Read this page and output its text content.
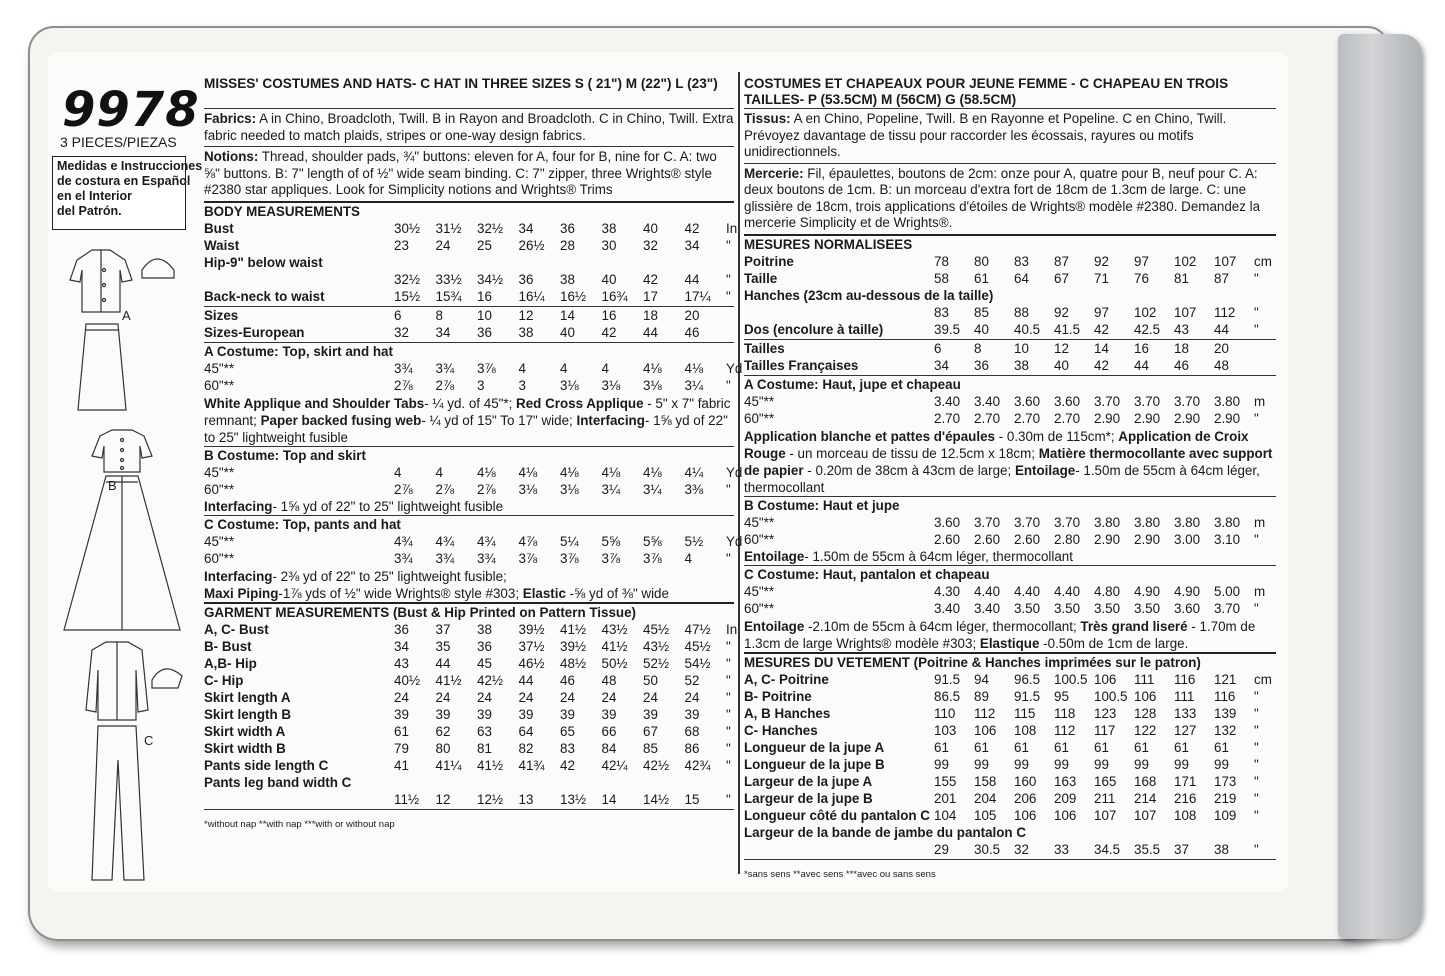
9978
3 PIECES/PIEZAS
Medidas e Instrucciones
de costura en Español
en el Interior
del Patrón.
A
B
C
MISSES' COSTUMES AND HATS- C HAT IN THREE SIZES S ( 21") M (22") L (23")
Fabrics: A in Chino, Broadcloth, Twill. B in Rayon and Broadcloth. C in Chino, Twill. Extra fabric needed to match plaids, stripes or one-way design fabrics.
Notions: Thread, shoulder pads, ¾" buttons: eleven for A, four for B, nine for C. A: two ⅝" buttons. B: 7" length of of ½" wide seam binding. C: 7" zipper, three Wrights® style #2380 star appliques. Look for Simplicity notions and Wrights® Trims
BODY MEASUREMENTS
Bust	30½	31½	32½	34	36	38	40	42	In
Waist	23	24	25	26½	28	30	32	34	"
Hip-9" below waist
32½	33½	34½	36	38	40	42	44	"
Back-neck to waist	15½	15¾	16	16¼	16½	16¾	17	17¼	"
Sizes	6	8	10	12	14	16	18	20
Sizes-European	32	34	36	38	40	42	44	46
A Costume: Top, skirt and hat
45"**	3¾	3¾	3⅞	4	4	4	4⅛	4⅛	Yd
60"**	2⅞	2⅞	3	3	3⅛	3⅛	3⅛	3¼	"
White Applique and Shoulder Tabs- ¼ yd. of 45"*; Red Cross Applique - 5" x 7" fabric remnant; Paper backed fusing web- ¼ yd of 15" To 17" wide; Interfacing- 1⅝ yd of 22" to 25" lightweight fusible
B Costume: Top and skirt
45"**	4	4	4⅛	4⅛	4⅛	4⅛	4⅛	4¼	Yd
60"**	2⅞	2⅞	2⅞	3⅛	3⅛	3¼	3¼	3⅜	"
Interfacing- 1⅝ yd of 22" to 25" lightweight fusible
C Costume: Top, pants and hat
45"**	4¾	4¾	4¾	4⅞	5¼	5⅝	5⅝	5½	Yd
60"**	3¾	3¾	3¾	3⅞	3⅞	3⅞	3⅞	4	"
Interfacing- 2⅜ yd of 22" to 25" lightweight fusible;
Maxi Piping-1⅞ yds of ½" wide Wrights® style #303; Elastic -⅝ yd of ⅜" wide
GARMENT MEASUREMENTS (Bust & Hip Printed on Pattern Tissue)
A, C- Bust	36	37	38	39½	41½	43½	45½	47½	In
B- Bust	34	35	36	37½	39½	41½	43½	45½	"
A,B- Hip	43	44	45	46½	48½	50½	52½	54½	"
C- Hip	40½	41½	42½	44	46	48	50	52	"
Skirt length A	24	24	24	24	24	24	24	24	"
Skirt length B	39	39	39	39	39	39	39	39	"
Skirt width A	61	62	63	64	65	66	67	68	"
Skirt width B	79	80	81	82	83	84	85	86	"
Pants side length C	41	41¼	41½	41¾	42	42¼	42½	42¾	"
Pants leg band width C
11½	12	12½	13	13½	14	14½	15	"
*without nap **with nap ***with or without nap
COSTUMES ET CHAPEAUX POUR JEUNE FEMME - C CHAPEAU EN TROIS TAILLES- P (53.5CM) M (56CM) G (58.5CM)
Tissus: A en Chino, Popeline, Twill. B en Rayonne et Popeline. C en Chino, Twill. Prévoyez davantage de tissu pour raccorder les écossais, rayures ou motifs unidirectionnels.
Mercerie: Fil, épaulettes, boutons de 2cm: onze pour A, quatre pour B, neuf pour C. A: deux boutons de 1cm. B: un morceau d'extra fort de 18cm de 1.3cm de large. C: une glissière de 18cm, trois applications d'étoiles de Wrights® modèle #2380. Demandez la mercerie Simplicity et de Wrights®.
MESURES NORMALISEES
Poitrine	78	80	83	87	92	97	102	107	cm
Taille	58	61	64	67	71	76	81	87	"
Hanches (23cm au-dessous de la taille)
83	85	88	92	97	102	107	112	"
Dos (encolure à taille)	39.5	40	40.5	41.5	42	42.5	43	44	"
Tailles	6	8	10	12	14	16	18	20
Tailles Françaises	34	36	38	40	42	44	46	48
A Costume: Haut, jupe et chapeau
45"**	3.40	3.40	3.60	3.60	3.70	3.70	3.70	3.80	m
60"**	2.70	2.70	2.70	2.70	2.90	2.90	2.90	2.90	"
Application blanche et pattes d'épaules - 0.30m de 115cm*; Application de Croix Rouge - un morceau de tissu de 12.5cm x 18cm; Matière thermocollante avec support de papier - 0.20m de 38cm à 43cm de large; Entoilage- 1.50m de 55cm à 64cm léger, thermocollant
B Costume: Haut et jupe
45"**	3.60	3.70	3.70	3.70	3.80	3.80	3.80	3.80	m
60"**	2.60	2.60	2.60	2.80	2.90	2.90	3.00	3.10	"
Entoilage- 1.50m de 55cm à 64cm léger, thermocollant
C Costume: Haut, pantalon et chapeau
45"**	4.30	4.40	4.40	4.40	4.80	4.90	4.90	5.00	m
60"**	3.40	3.40	3.50	3.50	3.50	3.50	3.60	3.70	"
Entoilage -2.10m de 55cm à 64cm léger, thermocollant; Très grand liseré - 1.70m de 1.3cm de large Wrights® modèle #303; Elastique -0.50m de 1cm de large.
MESURES DU VETEMENT (Poitrine & Hanches imprimées sur le patron)
A, C- Poitrine	91.5	94	96.5	100.5 106	111	116	121	cm
B- Poitrine	86.5	89	91.5	95	100.5 106	111	116	"
A, B Hanches	110	112	115	118	123	128	133	139	"
C- Hanches	103	106	108	112	117	122	127	132	"
Longueur de la jupe A	61	61	61	61	61	61	61	61	"
Longueur de la jupe B	99	99	99	99	99	99	99	99	"
Largeur de la jupe A	155	158	160	163	165	168	171	173	"
Largeur de la jupe B	201	204	206	209	211	214	216	219	"
Longueur côté du pantalon C 104	105	106	106	107	107	108	109	"
Largeur de la bande de jambe du pantalon C
29	30.5	32	33	34.5	35.5	37	38	"
*sans sens **avec sens ***avec ou sans sens
